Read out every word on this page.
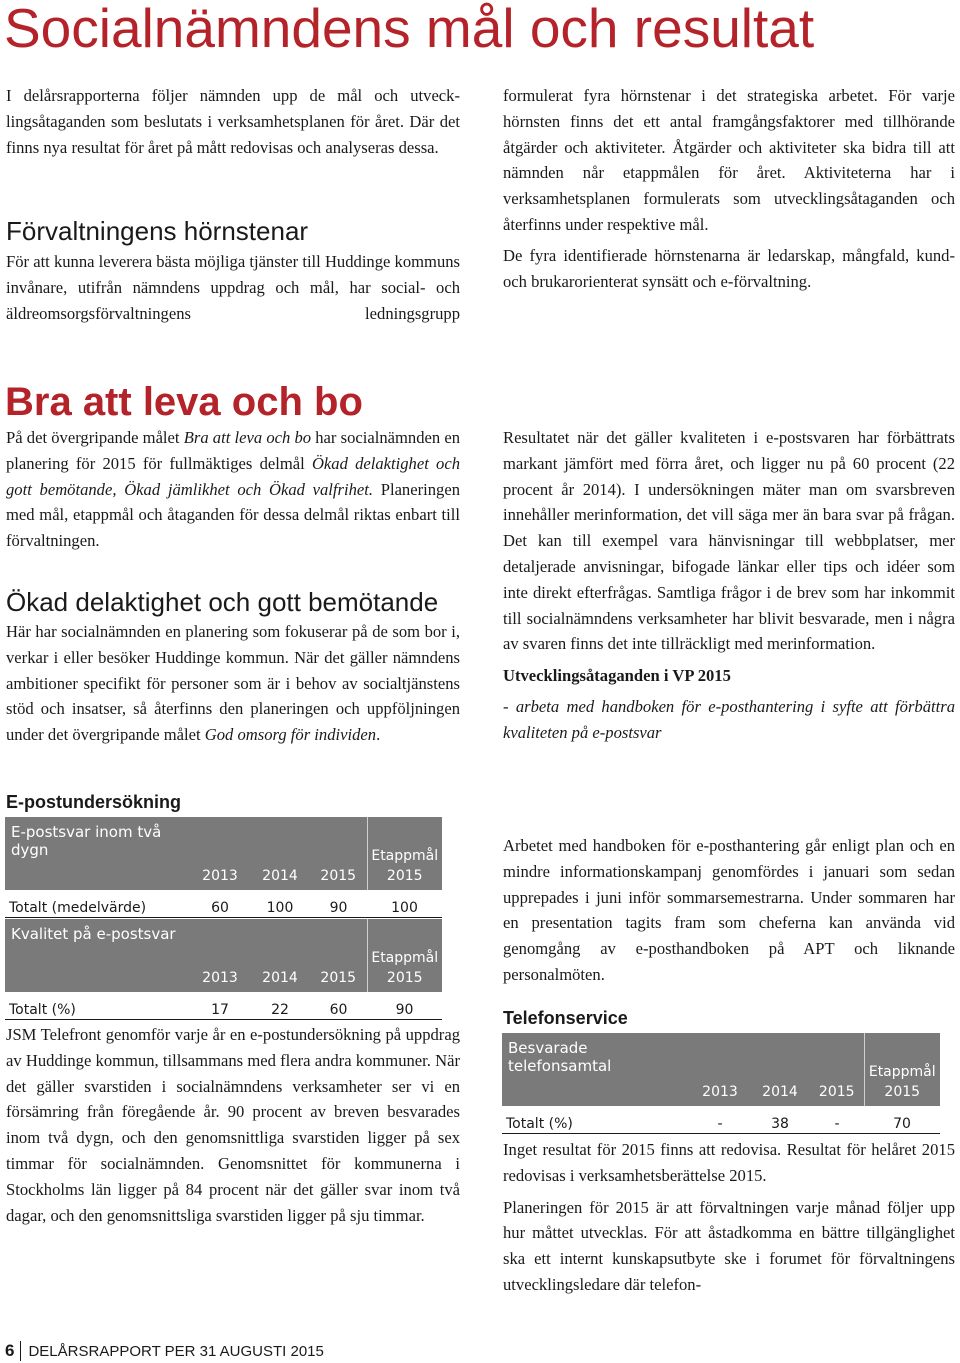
Socialnämndens mål och resultat

I delårsrapporterna följer nämnden upp de mål och utveck-lingsåtaganden som beslutats i verksamhetsplanen för året. Där det finns nya resultat för året på mått redovisas och analyseras dessa.

Förvaltningens hörnstenar

För att kunna leverera bästa möjliga tjänster till Huddinge kommuns invånare, utifrån nämndens uppdrag och mål, har social- och äldreomsorgsförvaltningens ledningsgrupp

formulerat fyra hörnstenar i det strategiska arbetet. För varje hörnsten finns det ett antal framgångsfaktorer med tillhörande åtgärder och aktiviteter. Åtgärder och aktiviteter ska bidra till att nämnden når etappmålen för året. Aktiviteterna har i verksamhetsplanen formulerats som utvecklingsåtaganden och återfinns under respektive mål.

De fyra identifierade hörnstenarna är ledarskap, mångfald, kund- och brukarorienterat synsätt och e-förvaltning.

Bra att leva och bo

På det övergripande målet Bra att leva och bo har socialnämnden en planering för 2015 för fullmäktiges delmål Ökad delaktighet och gott bemötande, Ökad jämlikhet och Ökad valfrihet. Planeringen med mål, etappmål och åtaganden för dessa delmål riktas enbart till förvaltningen.

Ökad delaktighet och gott bemötande

Här har socialnämnden en planering som fokuserar på de som bor i, verkar i eller besöker Huddinge kommun. När det gäller nämndens ambitioner specifikt för personer som är i behov av socialtjänstens stöd och insatser, så återfinns den planeringen och uppföljningen under det övergripande målet God omsorg för individen.

E-postundersökning
E-postsvar inom två dygn	2013	2014	2015	Etappmål
2015

Totalt (medelvärde)	60	100	90	100
Kvalitet på e-postsvar	2013	2014	2015	Etappmål
2015

Totalt (%)	17	22	60	90

JSM Telefront genomför varje år en e-postundersökning på uppdrag av Huddinge kommun, tillsammans med flera andra kommuner. När det gäller svarstiden i socialnämndens verksamheter ser vi en försämring från föregående år. 90 procent av breven besvarades inom två dygn, och den genomsnittliga svarstiden ligger på sex timmar för socialnämnden. Genomsnittet för kommunerna i Stockholms län ligger på 84 procent när det gäller svar inom två dagar, och den genomsnittsliga svarstiden ligger på sju timmar.

Resultatet när det gäller kvaliteten i e-postsvaren har förbättrats markant jämfört med förra året, och ligger nu på 60 procent (22 procent år 2014). I undersökningen mäter man om svarsbreven innehåller merinformation, det vill säga mer än bara svar på frågan. Det kan till exempel vara hänvisningar till webbplatser, mer detaljerade anvisningar, bifogade länkar eller tips och idéer som inte direkt efterfrågas. Samtliga frågor i de brev som har inkommit till socialnämndens verksamheter har blivit besvarade, men i några av svaren finns det inte tillräckligt med merinformation.

Utvecklingsåtaganden i VP 2015

- arbeta med handboken för e-posthantering i syfte att förbättra kvaliteten på e-postsvar

Arbetet med handboken för e-posthantering går enligt plan och en mindre informationskampanj genomfördes i januari som sedan upprepades i juni inför sommarsemestrarna. Under sommaren har en presentation tagits fram som cheferna kan använda vid genomgång av e-posthandboken på APT och liknande personalmöten.

Telefonservice
Besvarade telefonsamtal	2013	2014	2015	Etappmål
2015

Totalt (%)	-	38	-	70

Inget resultat för 2015 finns att redovisa. Resultat för helåret 2015 redovisas i verksamhetsberättelse 2015.

Planeringen för 2015 är att förvaltningen varje månad följer upp hur måttet utvecklas. För att åstadkomma en bättre tillgänglighet ska ett internt kunskapsutbyte ske i forumet för förvaltningens utvecklingsledare där telefon-

6 DELÅRSRAPPORT PER 31 AUGUSTI 2015
